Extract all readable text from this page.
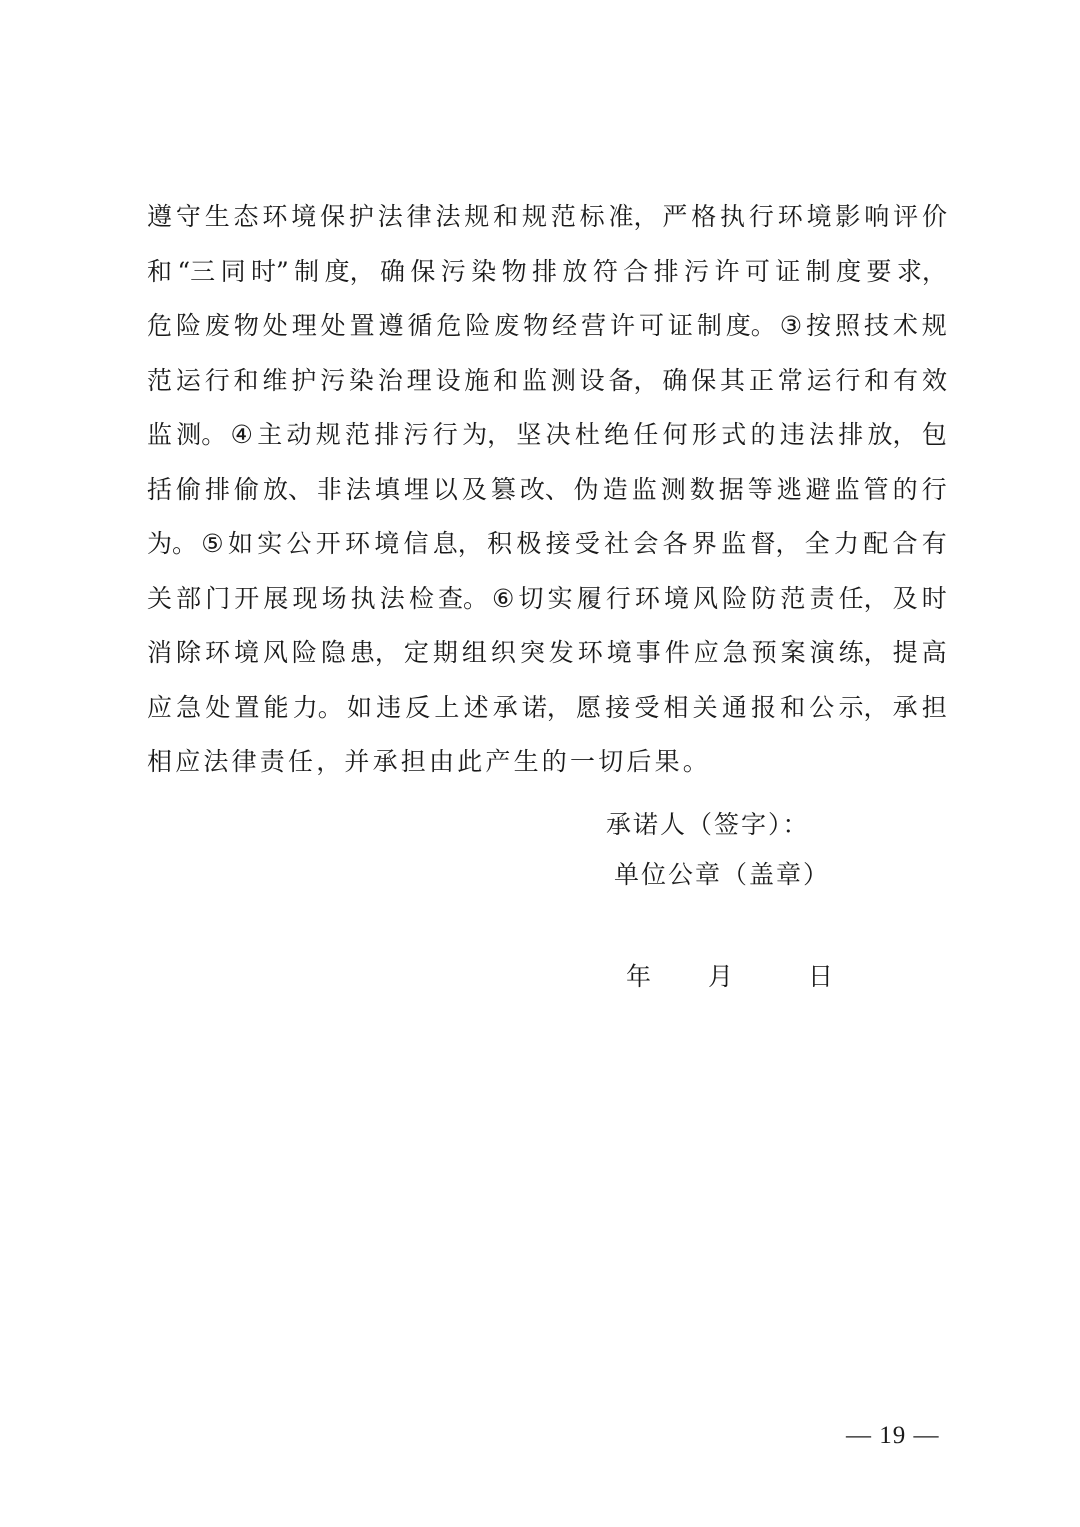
遵 守 生 态 环 境 保 护 法 律 法 规 和 规 范 标 准， 严 格 执 行 环 境 影 响 评 价
和 “三 同 时” 制 度， 确 保 污 染 物 排 放 符 合 排 污 许 可 证 制 度 要 求，
危 险 废 物 处 理 处 置 遵 循 危 险 废 物 经 营 许 可 证 制 度。 ③ 按 照 技 术 规
范 运 行 和 维 护 污 染 治 理 设 施 和 监 测 设 备， 确 保 其 正 常 运 行 和 有 效
监 测。 ④ 主 动 规 范 排 污 行 为， 坚 决 杜 绝 任 何 形 式 的 违 法 排 放， 包
括 偷 排 偷 放、 非 法 填 埋 以 及 篡 改、 伪 造 监 测 数 据 等 逃 避 监 管 的 行
为。 ⑤ 如 实 公 开 环 境 信 息， 积 极 接 受 社 会 各 界 监 督， 全 力 配 合 有
关 部 门 开 展 现 场 执 法 检 查。 ⑥ 切 实 履 行 环 境 风 险 防 范 责 任， 及 时
消 除 环 境 风 险 隐 患， 定 期 组 织 突 发 环 境 事 件 应 急 预 案 演 练， 提 高
应 急 处 置 能 力。 如 违 反 上 述 承 诺， 愿 接 受 相 关 通 报 和 公 示， 承 担
相应法律责任，并承担由此产生的一切后果。
承诺人（签字）：
单位公章（盖章）
年 月	日
— 19 —
